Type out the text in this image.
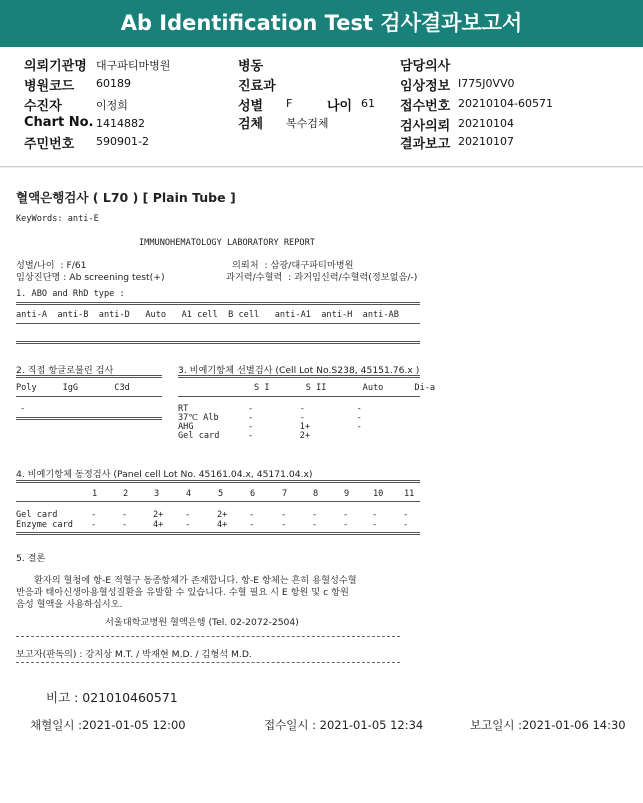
Ab Identification Test 검사결과보고서
의뢰기관명 대구파티마병원
병원코드 60189
수진자	이정희
Chart No. 1414882
주민번호 590901-2
병동
진료과
성별 F	나이 61
검체 복수검체
담당의사
임상정보 I775J0VV0
접수번호 20210104-60571
검사의뢰 20210104
결과보고 20210107
혈액은행검사 ( L70 ) [ Plain Tube ]
KeyWords: anti-E
IMMUNOHEMATOLOGY LABORATORY REPORT
성별/나이  : F/61	의뢰처  : 삼광/대구파티마병원
임상진단명 : Ab screening test(+)	과거력/수혈력  : 과거임신력/수혈력(정보없음/-)
1. ABO and RhD type :
anti-A  anti-B  anti-D   Auto   A1 cell  B cell   anti-A1  anti-H  anti-AB
2. 직접 항글로불린 검사
Poly     IgG       C3d
-
3. 비예기항체 선별검사 (Cell Lot No.S238, 45151.76.x )
S I       S II       Auto      Di-a
RT	-         -          -
37℃ Alb	-         -          -
AHG	-         1+         -
Gel card	-         2+
4. 비예기항체 동정검사 (Panel cell Lot No. 45161.04.x, 45171.04.x)
1	2	3	4	5	6	7	8	9	10 11
Gel card	-	-	2+	-	2+	-	-	-	-	-	-
Enzyme card -	-	4+	-	4+	-	-	-	-	-	-
5. 결론
환자의 혈청에 항-E 적혈구 동종항체가 존재합니다. 항-E 항체는 흔히 용혈성수혈
반응과 태아신생아용혈성질환을 유발할 수 있습니다. 수혈 필요 시 E 항원 및 c 항원
음성 혈액을 사용하십시오.
서울대학교병원 혈액은행 (Tel. 02-2072-2504)
보고자(판독의) : 강지상 M.T. / 박재현 M.D. / 김형석 M.D.
비고 : 021010460571
채혈일시 :2021-01-05 12:00	접수일시 : 2021-01-05 12:34	보고일시 :2021-01-06 14:30
